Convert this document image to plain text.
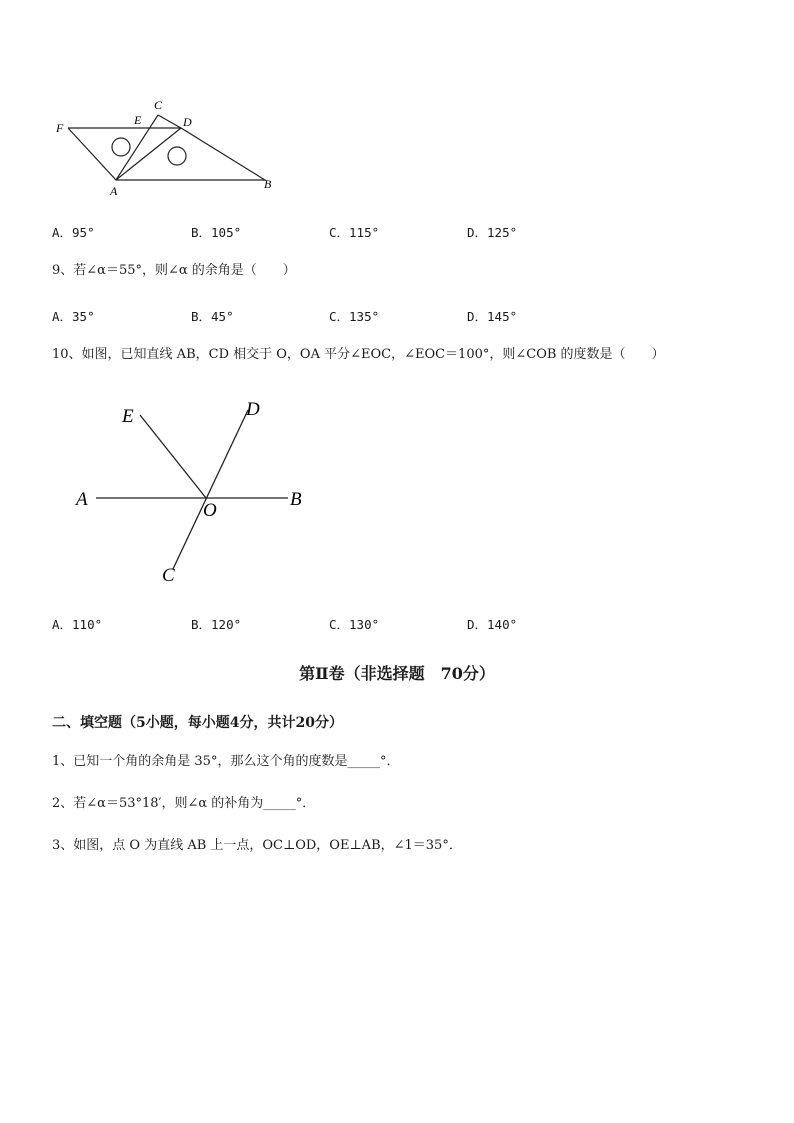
F
E
C
D
A	B
A．95°	B．105°	C．115°	D．125°
9、若∠α＝55°，则∠α 的余角是（　　）
A．35°	B．45°	C．135°	D．145°
10、如图，已知直线 AB，CD 相交于 O，OA 平分∠EOC，∠EOC＝100°，则∠COB 的度数是（　　）
E	D
A
O
B
C
A．110°	B．120°	C．130°	D．140°
第Ⅱ卷（非选择题　70分）
二、填空题（5小题，每小题4分，共计20分）
1、已知一个角的余角是 35°，那么这个角的度数是_____°．
2、若∠α＝53°18′，则∠α 的补角为_____°．
3、如图，点 O 为直线 AB 上一点，OC⊥OD，OE⊥AB，∠1＝35°．
